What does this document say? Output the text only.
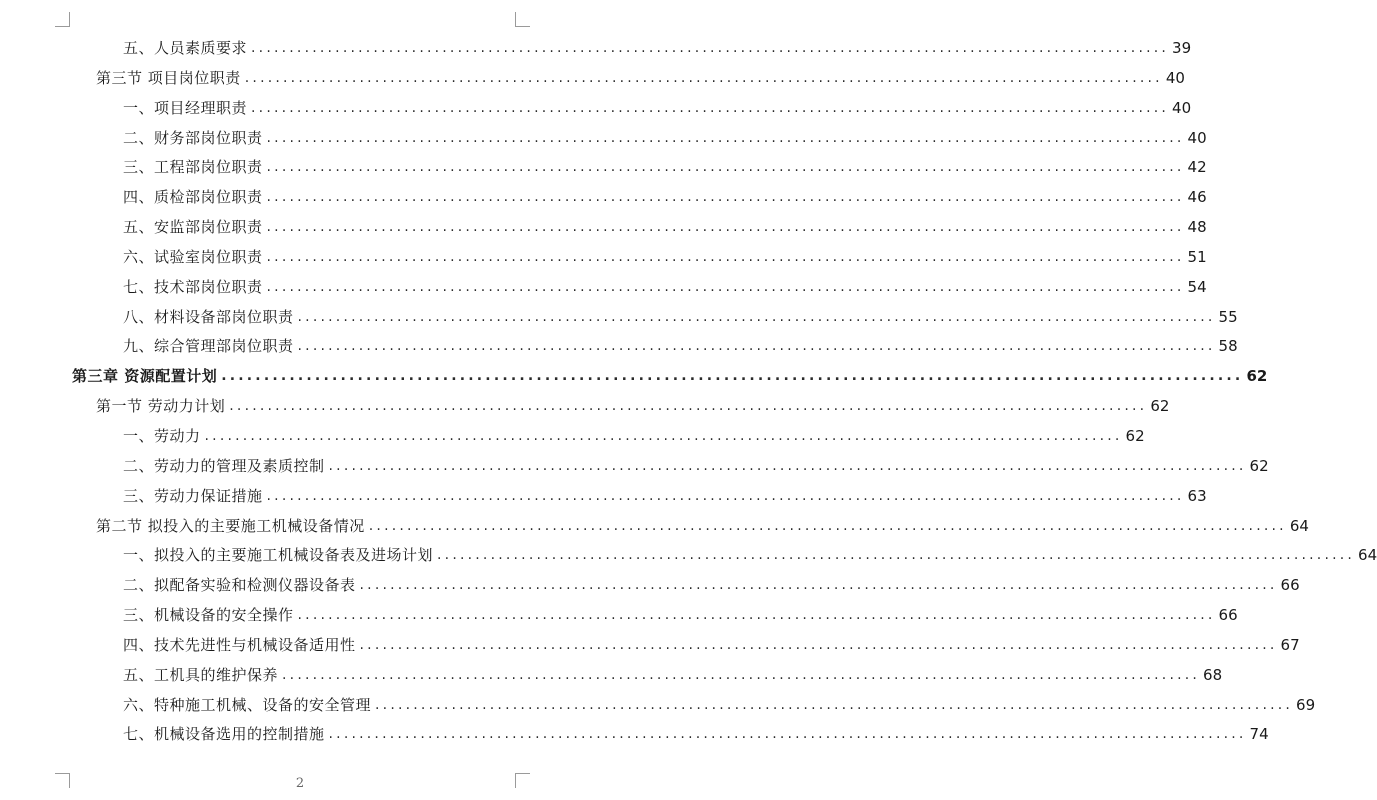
五、人员素质要求 ........................................................................................................................ 39
第三节 项目岗位职责 ........................................................................................................................ 40
一、项目经理职责 ........................................................................................................................ 40
二、财务部岗位职责 ........................................................................................................................ 40
三、工程部岗位职责 ........................................................................................................................ 42
四、质检部岗位职责 ........................................................................................................................ 46
五、安监部岗位职责 ........................................................................................................................ 48
六、试验室岗位职责 ........................................................................................................................ 51
七、技术部岗位职责 ........................................................................................................................ 54
八、材料设备部岗位职责 ........................................................................................................................ 55
九、综合管理部岗位职责 ........................................................................................................................ 58
第三章 资源配置计划 ........................................................................................................................ 62
第一节 劳动力计划 ........................................................................................................................ 62
一、劳动力 ........................................................................................................................ 62
二、劳动力的管理及素质控制 ........................................................................................................................ 62
三、劳动力保证措施 ........................................................................................................................ 63
第二节 拟投入的主要施工机械设备情况 ........................................................................................................................ 64
一、拟投入的主要施工机械设备表及进场计划 ........................................................................................................................ 64
二、拟配备实验和检测仪器设备表 ........................................................................................................................ 66
三、机械设备的安全操作 ........................................................................................................................ 66
四、技术先进性与机械设备适用性 ........................................................................................................................ 67
五、工机具的维护保养 ........................................................................................................................ 68
六、特种施工机械、设备的安全管理 ........................................................................................................................ 69
七、机械设备选用的控制措施 ........................................................................................................................ 74
2
